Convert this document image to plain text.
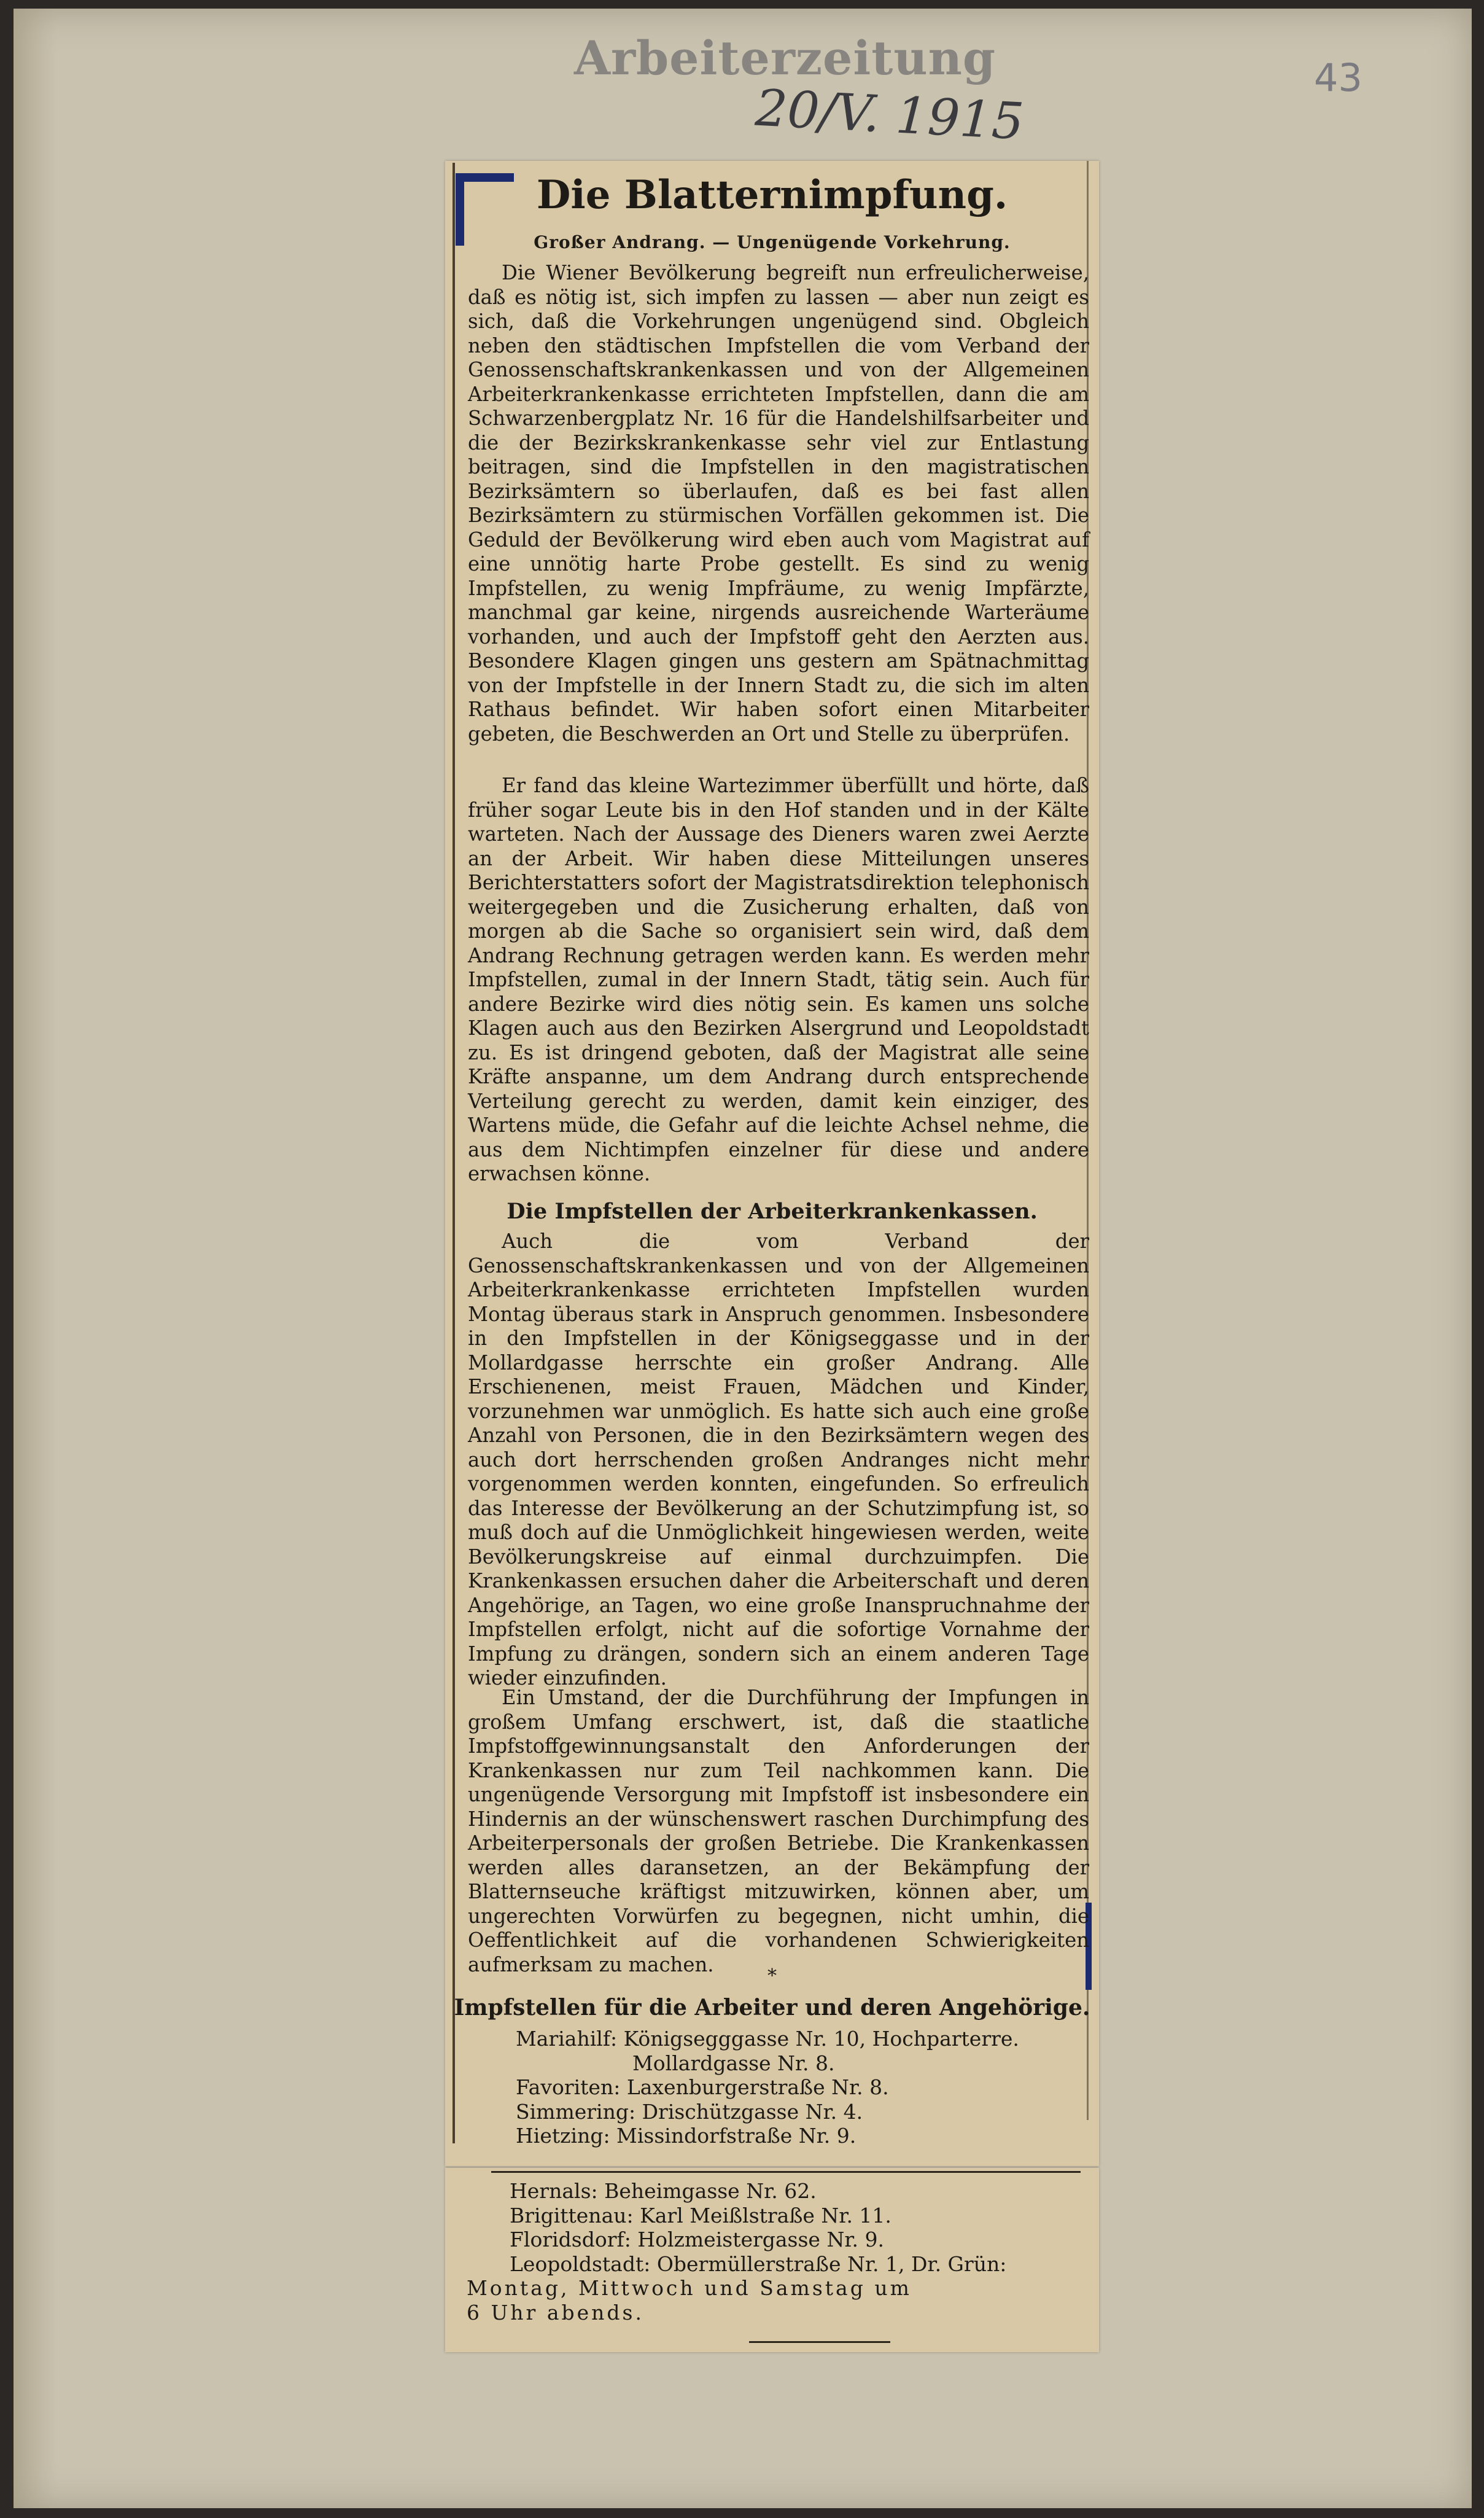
Arbeiterzeitung
20/V. 1915
43
Die Blatternimpfung.
Großer Andrang. — Ungenügende Vorkehrung.

Die Wiener Bevölkerung begreift nun erfreulicherweise, daß es nötig ist, sich impfen zu lassen — aber nun zeigt es sich, daß die Vorkehrungen ungenügend sind. Obgleich neben den städtischen Impfstellen die vom Verband der Genossenschaftskrankenkassen und von der Allgemeinen Arbeiterkrankenkasse errichteten Impfstellen, dann die am Schwarzenbergplatz Nr. 16 für die Handelshilfsarbeiter und die der Bezirkskrankenkasse sehr viel zur Entlastung beitragen, sind die Impfstellen in den magistratischen Bezirksämtern so überlaufen, daß es bei fast allen Bezirksämtern zu stürmischen Vorfällen gekommen ist. Die Geduld der Bevölkerung wird eben auch vom Magistrat auf eine unnötig harte Probe gestellt. Es sind zu wenig Impfstellen, zu wenig Impfräume, zu wenig Impfärzte, manchmal gar keine, nirgends ausreichende Warteräume vorhanden, und auch der Impfstoff geht den Aerzten aus. Besondere Klagen gingen uns gestern am Spätnachmittag von der Impfstelle in der Innern Stadt zu, die sich im alten Rathaus befindet. Wir haben sofort einen Mitarbeiter gebeten, die Beschwerden an Ort und Stelle zu überprüfen.

Er fand das kleine Wartezimmer überfüllt und hörte, daß früher sogar Leute bis in den Hof standen und in der Kälte warteten. Nach der Aussage des Dieners waren zwei Aerzte an der Arbeit. Wir haben diese Mitteilungen unseres Berichterstatters sofort der Magistratsdirektion telephonisch weitergegeben und die Zusicherung erhalten, daß von morgen ab die Sache so organisiert sein wird, daß dem Andrang Rechnung getragen werden kann. Es werden mehr Impfstellen, zumal in der Innern Stadt, tätig sein. Auch für andere Bezirke wird dies nötig sein. Es kamen uns solche Klagen auch aus den Bezirken Alsergrund und Leopoldstadt zu. Es ist dringend geboten, daß der Magistrat alle seine Kräfte anspanne, um dem Andrang durch entsprechende Verteilung gerecht zu werden, damit kein einziger, des Wartens müde, die Gefahr auf die leichte Achsel nehme, die aus dem Nichtimpfen einzelner für diese und andere erwachsen könne.

Die Impfstellen der Arbeiterkrankenkassen.

Auch die vom Verband der Genossenschaftskrankenkassen und von der Allgemeinen Arbeiterkrankenkasse errichteten Impfstellen wurden Montag überaus stark in Anspruch genommen. Insbesondere in den Impfstellen in der Königseggasse und in der Mollardgasse herrschte ein großer Andrang. Alle Erschienenen, meist Frauen, Mädchen und Kinder, vorzunehmen war unmöglich. Es hatte sich auch eine große Anzahl von Personen, die in den Bezirksämtern wegen des auch dort herrschenden großen Andranges nicht mehr vorgenommen werden konnten, eingefunden. So erfreulich das Interesse der Bevölkerung an der Schutzimpfung ist, so muß doch auf die Unmöglichkeit hingewiesen werden, weite Bevölkerungskreise auf einmal durchzuimpfen. Die Krankenkassen ersuchen daher die Arbeiterschaft und deren Angehörige, an Tagen, wo eine große Inanspruchnahme der Impfstellen erfolgt, nicht auf die sofortige Vornahme der Impfung zu drängen, sondern sich an einem anderen Tage wieder einzufinden.

Ein Umstand, der die Durchführung der Impfungen in großem Umfang erschwert, ist, daß die staatliche Impfstoffgewinnungsanstalt den Anforderungen der Krankenkassen nur zum Teil nachkommen kann. Die ungenügende Versorgung mit Impfstoff ist insbesondere ein Hindernis an der wünschenswert raschen Durchimpfung des Arbeiterpersonals der großen Betriebe. Die Krankenkassen werden alles daransetzen, an der Bekämpfung der Blatternseuche kräftigst mitzuwirken, können aber, um ungerechten Vorwürfen zu begegnen, nicht umhin, die Oeffentlichkeit auf die vorhandenen Schwierigkeiten aufmerksam zu machen.	*
Impfstellen für die Arbeiter und deren Angehörige.
Mariahilf: Königsegggasse Nr. 10, Hochparterre.
Mollardgasse Nr. 8.
Favoriten: Laxenburgerstraße Nr. 8.
Simmering: Drischützgasse Nr. 4.
Hietzing: Missindorfstraße Nr. 9.
Hernals: Beheimgasse Nr. 62.
Brigittenau: Karl Meißlstraße Nr. 11.
Floridsdorf: Holzmeistergasse Nr. 9.
Leopoldstadt: Obermüllerstraße Nr. 1, Dr. Grün:
Montag, Mittwoch und Samstag um
6 Uhr abends.
